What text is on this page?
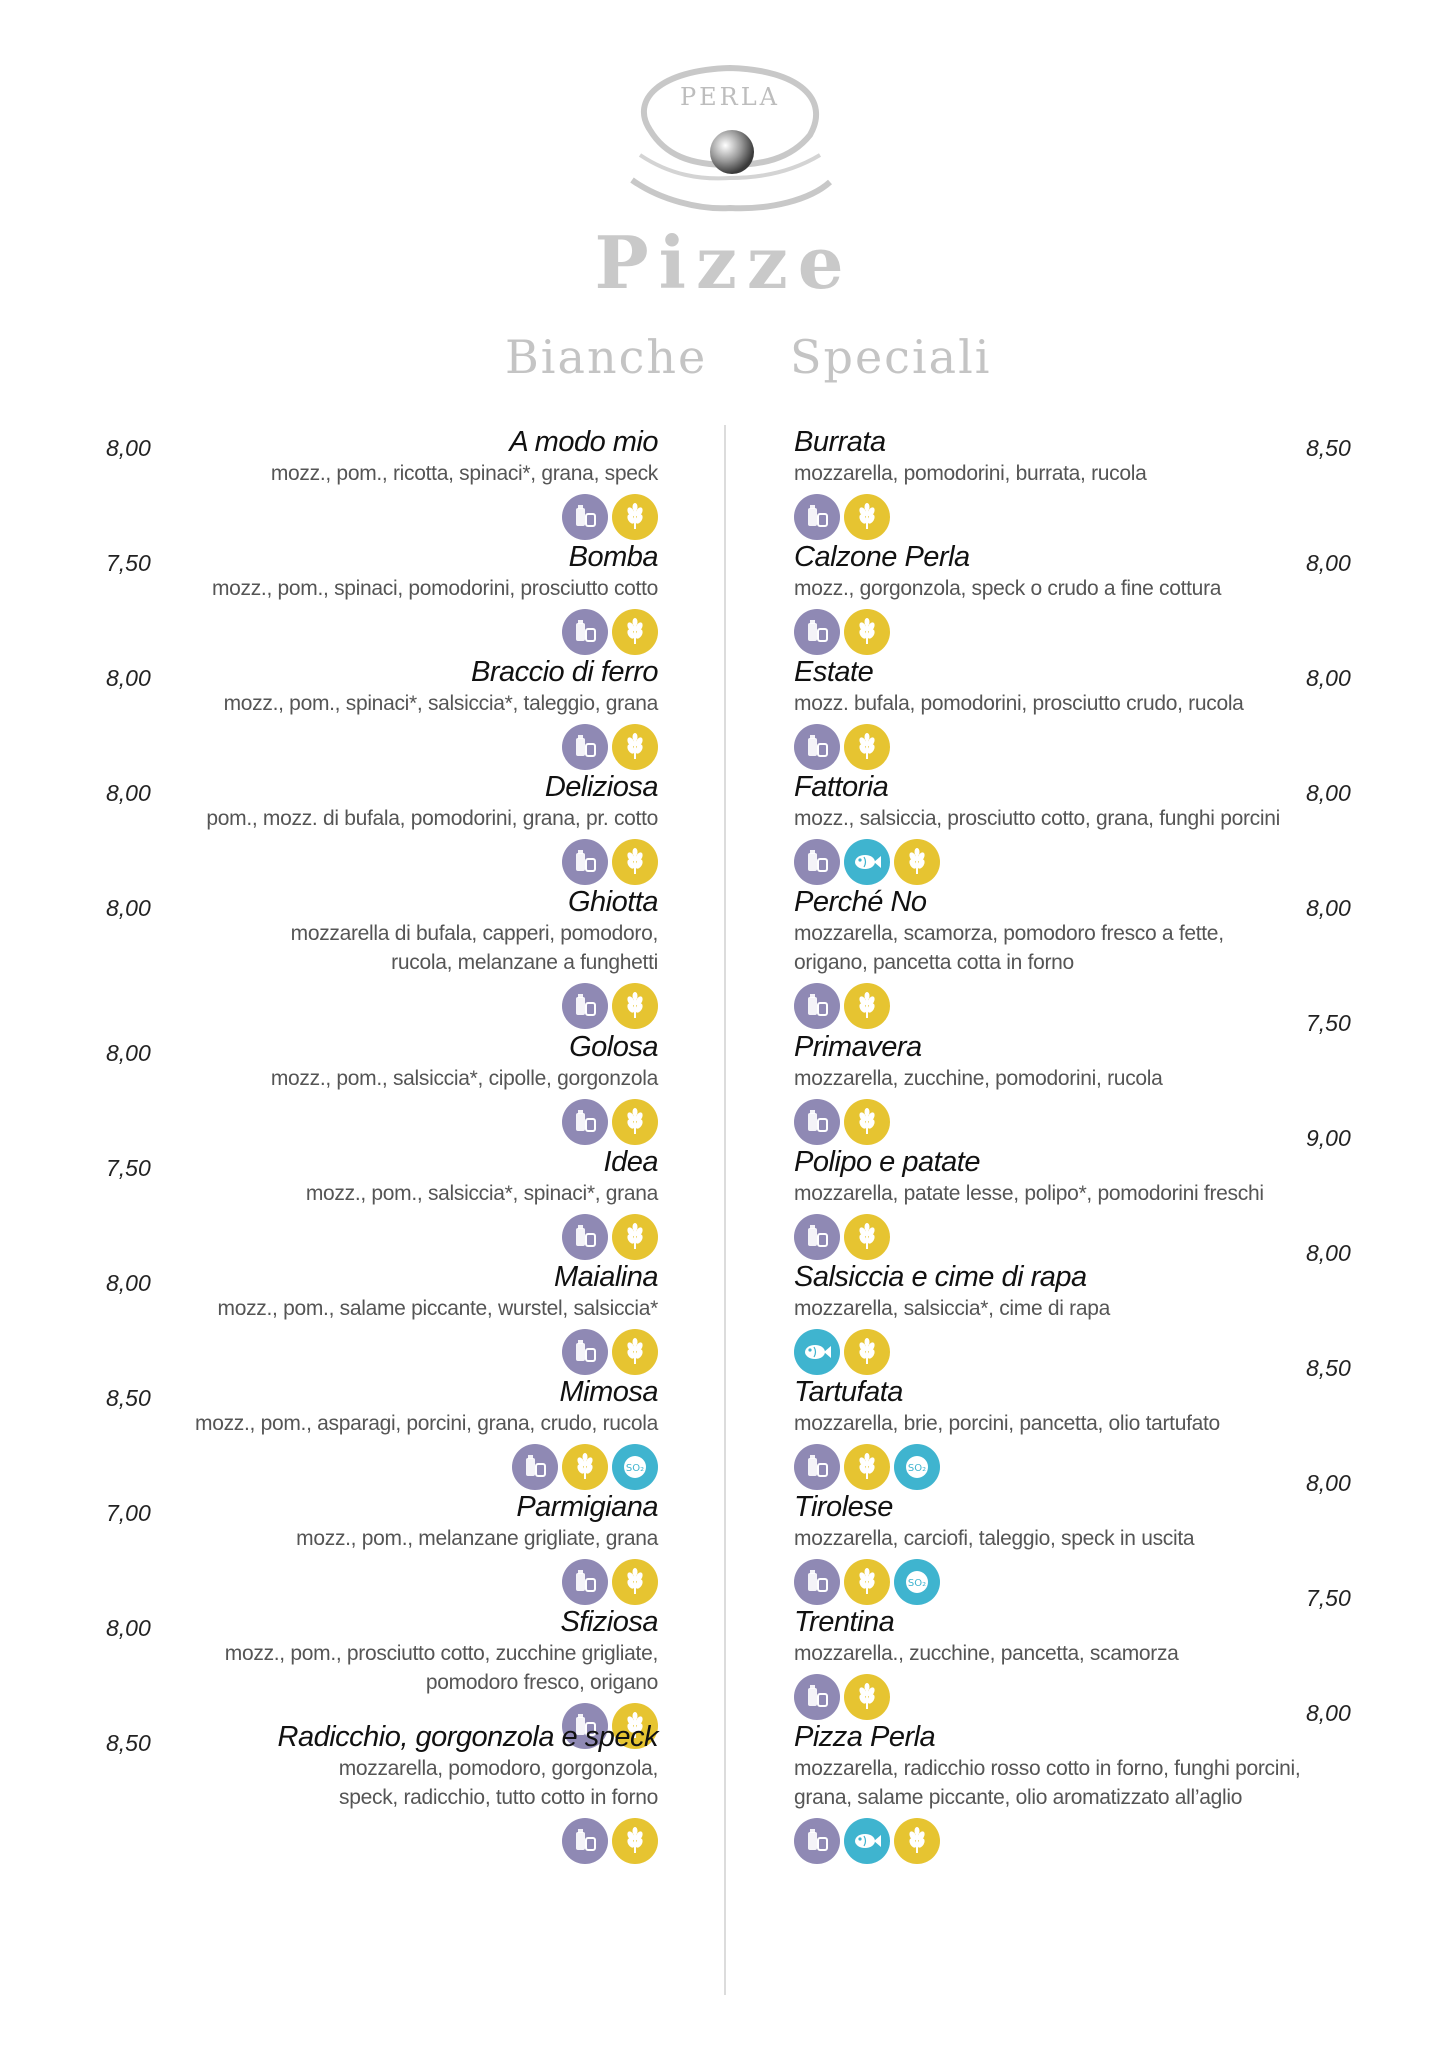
PERLA
Pizze
Bianche Speciali
A modo mio
mozz., pom., ricotta, spinaci*, grana, speck
8,00
Bomba
mozz., pom., spinaci, pomodorini, prosciutto cotto
7,50
Braccio di ferro
mozz., pom., spinaci*, salsiccia*, taleggio, grana
8,00
Deliziosa
pom., mozz. di bufala, pomodorini, grana, pr. cotto
8,00
Ghiotta
mozzarella di bufala, capperi, pomodoro,
rucola, melanzane a funghetti
8,00
Golosa
mozz., pom., salsiccia*, cipolle, gorgonzola
8,00
Idea
mozz., pom., salsiccia*, spinaci*, grana
7,50
Maialina
mozz., pom., salame piccante, wurstel, salsiccia*
8,00
Mimosa
mozz., pom., asparagi, porcini, grana, crudo, rucola
SO₂
8,50
Parmigiana
mozz., pom., melanzane grigliate, grana
7,00
Sfiziosa
mozz., pom., prosciutto cotto, zucchine grigliate,
pomodoro fresco, origano
8,00
Radicchio, gorgonzola e speck
mozzarella, pomodoro, gorgonzola,
speck, radicchio, tutto cotto in forno
8,50
Burrata
mozzarella, pomodorini, burrata, rucola
8,50
Calzone Perla
mozz., gorgonzola, speck o crudo a fine cottura
8,00
Estate
mozz. bufala, pomodorini, prosciutto crudo, rucola
8,00
Fattoria
mozz., salsiccia, prosciutto cotto, grana, funghi porcini
8,00
Perché No
mozzarella, scamorza, pomodoro fresco a fette,
origano, pancetta cotta in forno
8,00
Primavera
mozzarella, zucchine, pomodorini, rucola
7,50
Polipo e patate
mozzarella, patate lesse, polipo*, pomodorini freschi
9,00
Salsiccia e cime di rapa
mozzarella, salsiccia*, cime di rapa
8,00
Tartufata
mozzarella, brie, porcini, pancetta, olio tartufato
SO₂
8,50
Tirolese
mozzarella, carciofi, taleggio, speck in uscita
SO₂
8,00
Trentina
mozzarella., zucchine, pancetta, scamorza
7,50
Pizza Perla
mozzarella, radicchio rosso cotto in forno, funghi porcini,
grana, salame piccante, olio aromatizzato all’aglio
8,00
